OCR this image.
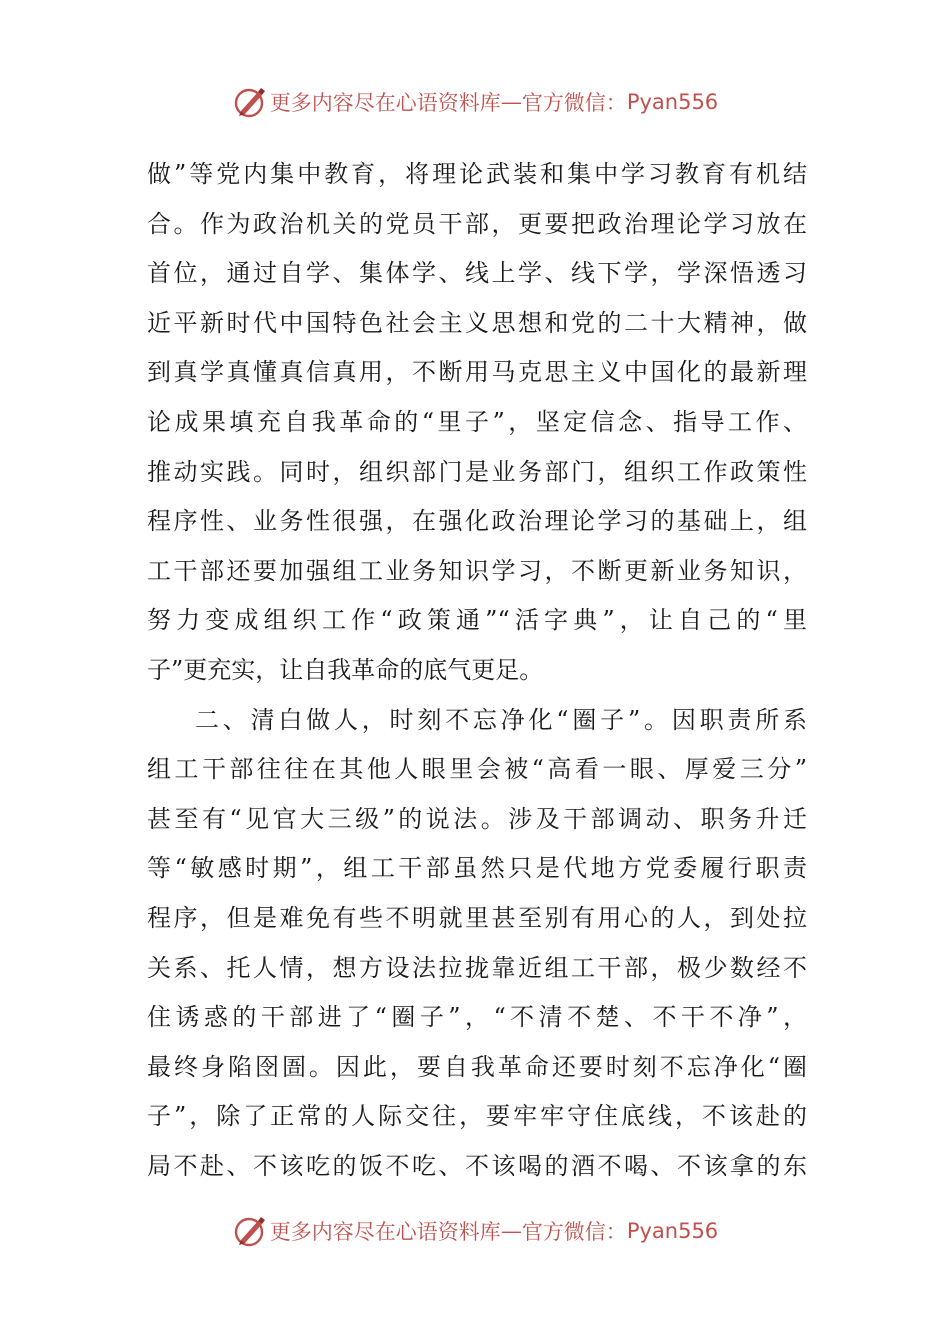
更多内容尽在心语资料库 — 官方微信： Pyan556
做”等党内集中教育，将理论武装和集中学习教育有机结
合。作为政治机关的党员干部，更要把政治理论学习放在
首位，通过自学、集体学、线上学、线下学，学深悟透习
近平新时代中国特色社会主义思想和党的二十大精神，做
到真学真懂真信真用，不断用马克思主义中国化的最新理
论成果填充自我革命的“里子”，坚定信念、指导工作、
推动实践。同时，组织部门是业务部门，组织工作政策性
程序性、业务性很强，在强化政治理论学习的基础上，组
工干部还要加强组工业务知识学习，不断更新业务知识，
努力变成组织工作“政策通”“活字典”，让自己的“里
子”更充实，让自我革命的底气更足。
二、清白做人，时刻不忘净化“圈子”。因职责所系
组工干部往往在其他人眼里会被“高看一眼、厚爱三分”
甚至有“见官大三级”的说法。涉及干部调动、职务升迁
等“敏感时期”，组工干部虽然只是代地方党委履行职责
程序，但是难免有些不明就里甚至别有用心的人，到处拉
关系、托人情，想方设法拉拢靠近组工干部，极少数经不
住诱惑的干部进了“圈子”，“不清不楚、不干不净”，
最终身陷囹圄。因此，要自我革命还要时刻不忘净化“圈
子”，除了正常的人际交往，要牢牢守住底线，不该赴的
局不赴、不该吃的饭不吃、不该喝的酒不喝、不该拿的东
更多内容尽在心语资料库 — 官方微信： Pyan556
